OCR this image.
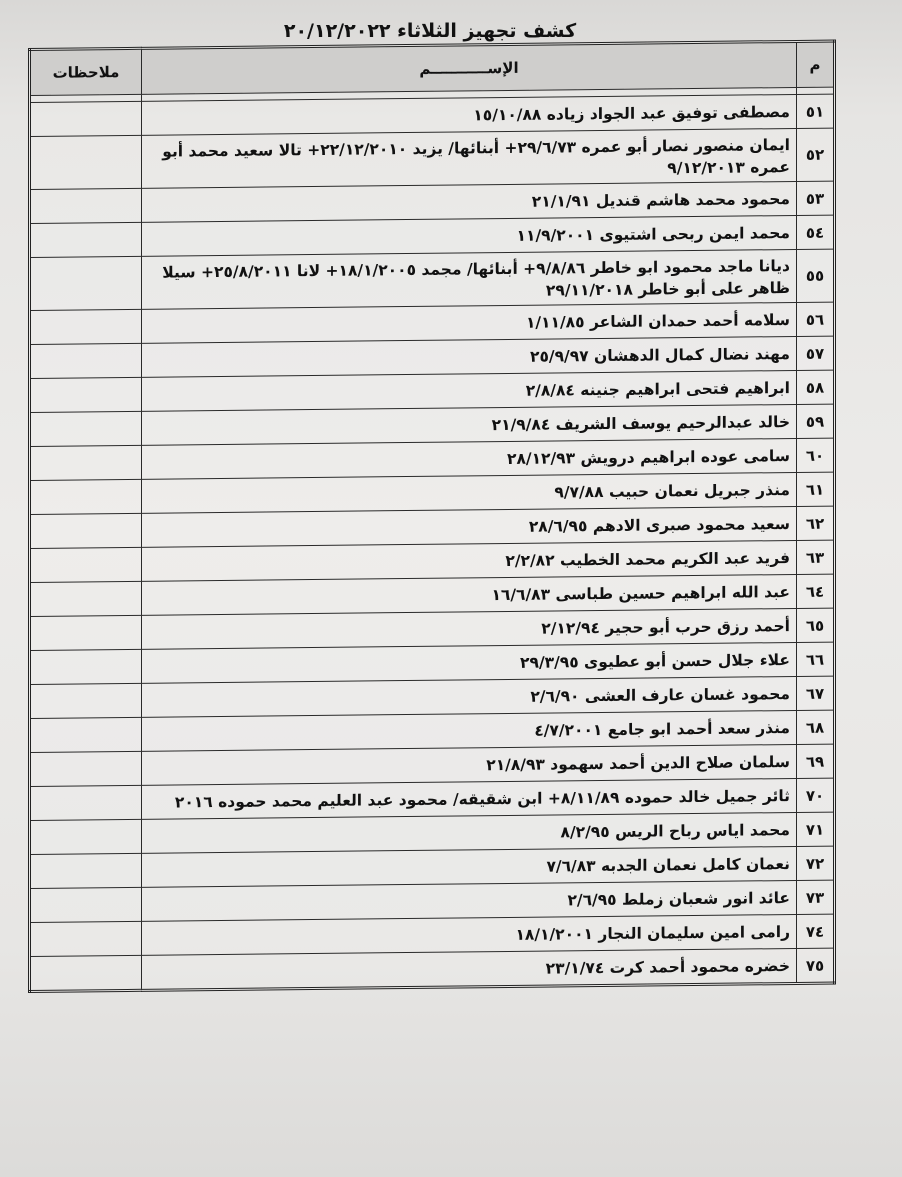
كشف تجهيز الثلاثاء ٢٠/١٢/٢٠٢٢
م	الإســـــــــــم	ملاحظات

٥١	مصطفى توفيق عبد الجواد زياده ١٥/١٠/٨٨	
٥٢	ايمان منصور نصار أبو عمره ٢٩/٦/٧٣+ أبنائها/ يزيد ٢٢/١٢/٢٠١٠+ تالا سعيد محمد أبو عمره ٩/١٢/٢٠١٣	
٥٣	محمود محمد هاشم قنديل ٢١/١/٩١	
٥٤	محمد ايمن ربحى اشتيوى ١١/٩/٢٠٠١	
٥٥	ديانا ماجد محمود ابو خاطر ٩/٨/٨٦+ أبنائها/ مجمد ١٨/١/٢٠٠٥+ لانا ٢٥/٨/٢٠١١+ سيلا ظاهر على أبو خاطر ٢٩/١١/٢٠١٨	
٥٦	سلامه أحمد حمدان الشاعر ١/١١/٨٥	
٥٧	مهند نضال كمال الدهشان ٢٥/٩/٩٧	
٥٨	ابراهيم فتحى ابراهيم جنينه ٢/٨/٨٤	
٥٩	خالد عبدالرحيم يوسف الشريف ٢١/٩/٨٤	
٦٠	سامى عوده ابراهيم درويش ٢٨/١٢/٩٣	
٦١	منذر جبريل نعمان حبيب ٩/٧/٨٨	
٦٢	سعيد محمود صبرى الادهم ٢٨/٦/٩٥	
٦٣	فريد عبد الكريم محمد الخطيب ٢/٢/٨٢	
٦٤	عبد الله ابراهيم حسين طباسى ١٦/٦/٨٣	
٦٥	أحمد رزق حرب أبو حجير ٢/١٢/٩٤	
٦٦	علاء جلال حسن أبو عطيوى ٢٩/٣/٩٥	
٦٧	محمود غسان عارف العشى ٢/٦/٩٠	
٦٨	منذر سعد أحمد ابو جامع ٤/٧/٢٠٠١	
٦٩	سلمان صلاح الدين أحمد سهمود ٢١/٨/٩٣	
٧٠	ثائر جميل خالد حموده ٨/١١/٨٩+ ابن شقيقه/ محمود عبد العليم محمد حموده ٢٠١٦	
٧١	محمد اياس رباح الريس ٨/٢/٩٥	
٧٢	نعمان كامل نعمان الجدبه ٧/٦/٨٣	
٧٣	عائد انور شعبان زملط ٢/٦/٩٥	
٧٤	رامى امين سليمان النجار ١٨/١/٢٠٠١	
٧٥	خضره محمود أحمد كرت ٢٣/١/٧٤	
